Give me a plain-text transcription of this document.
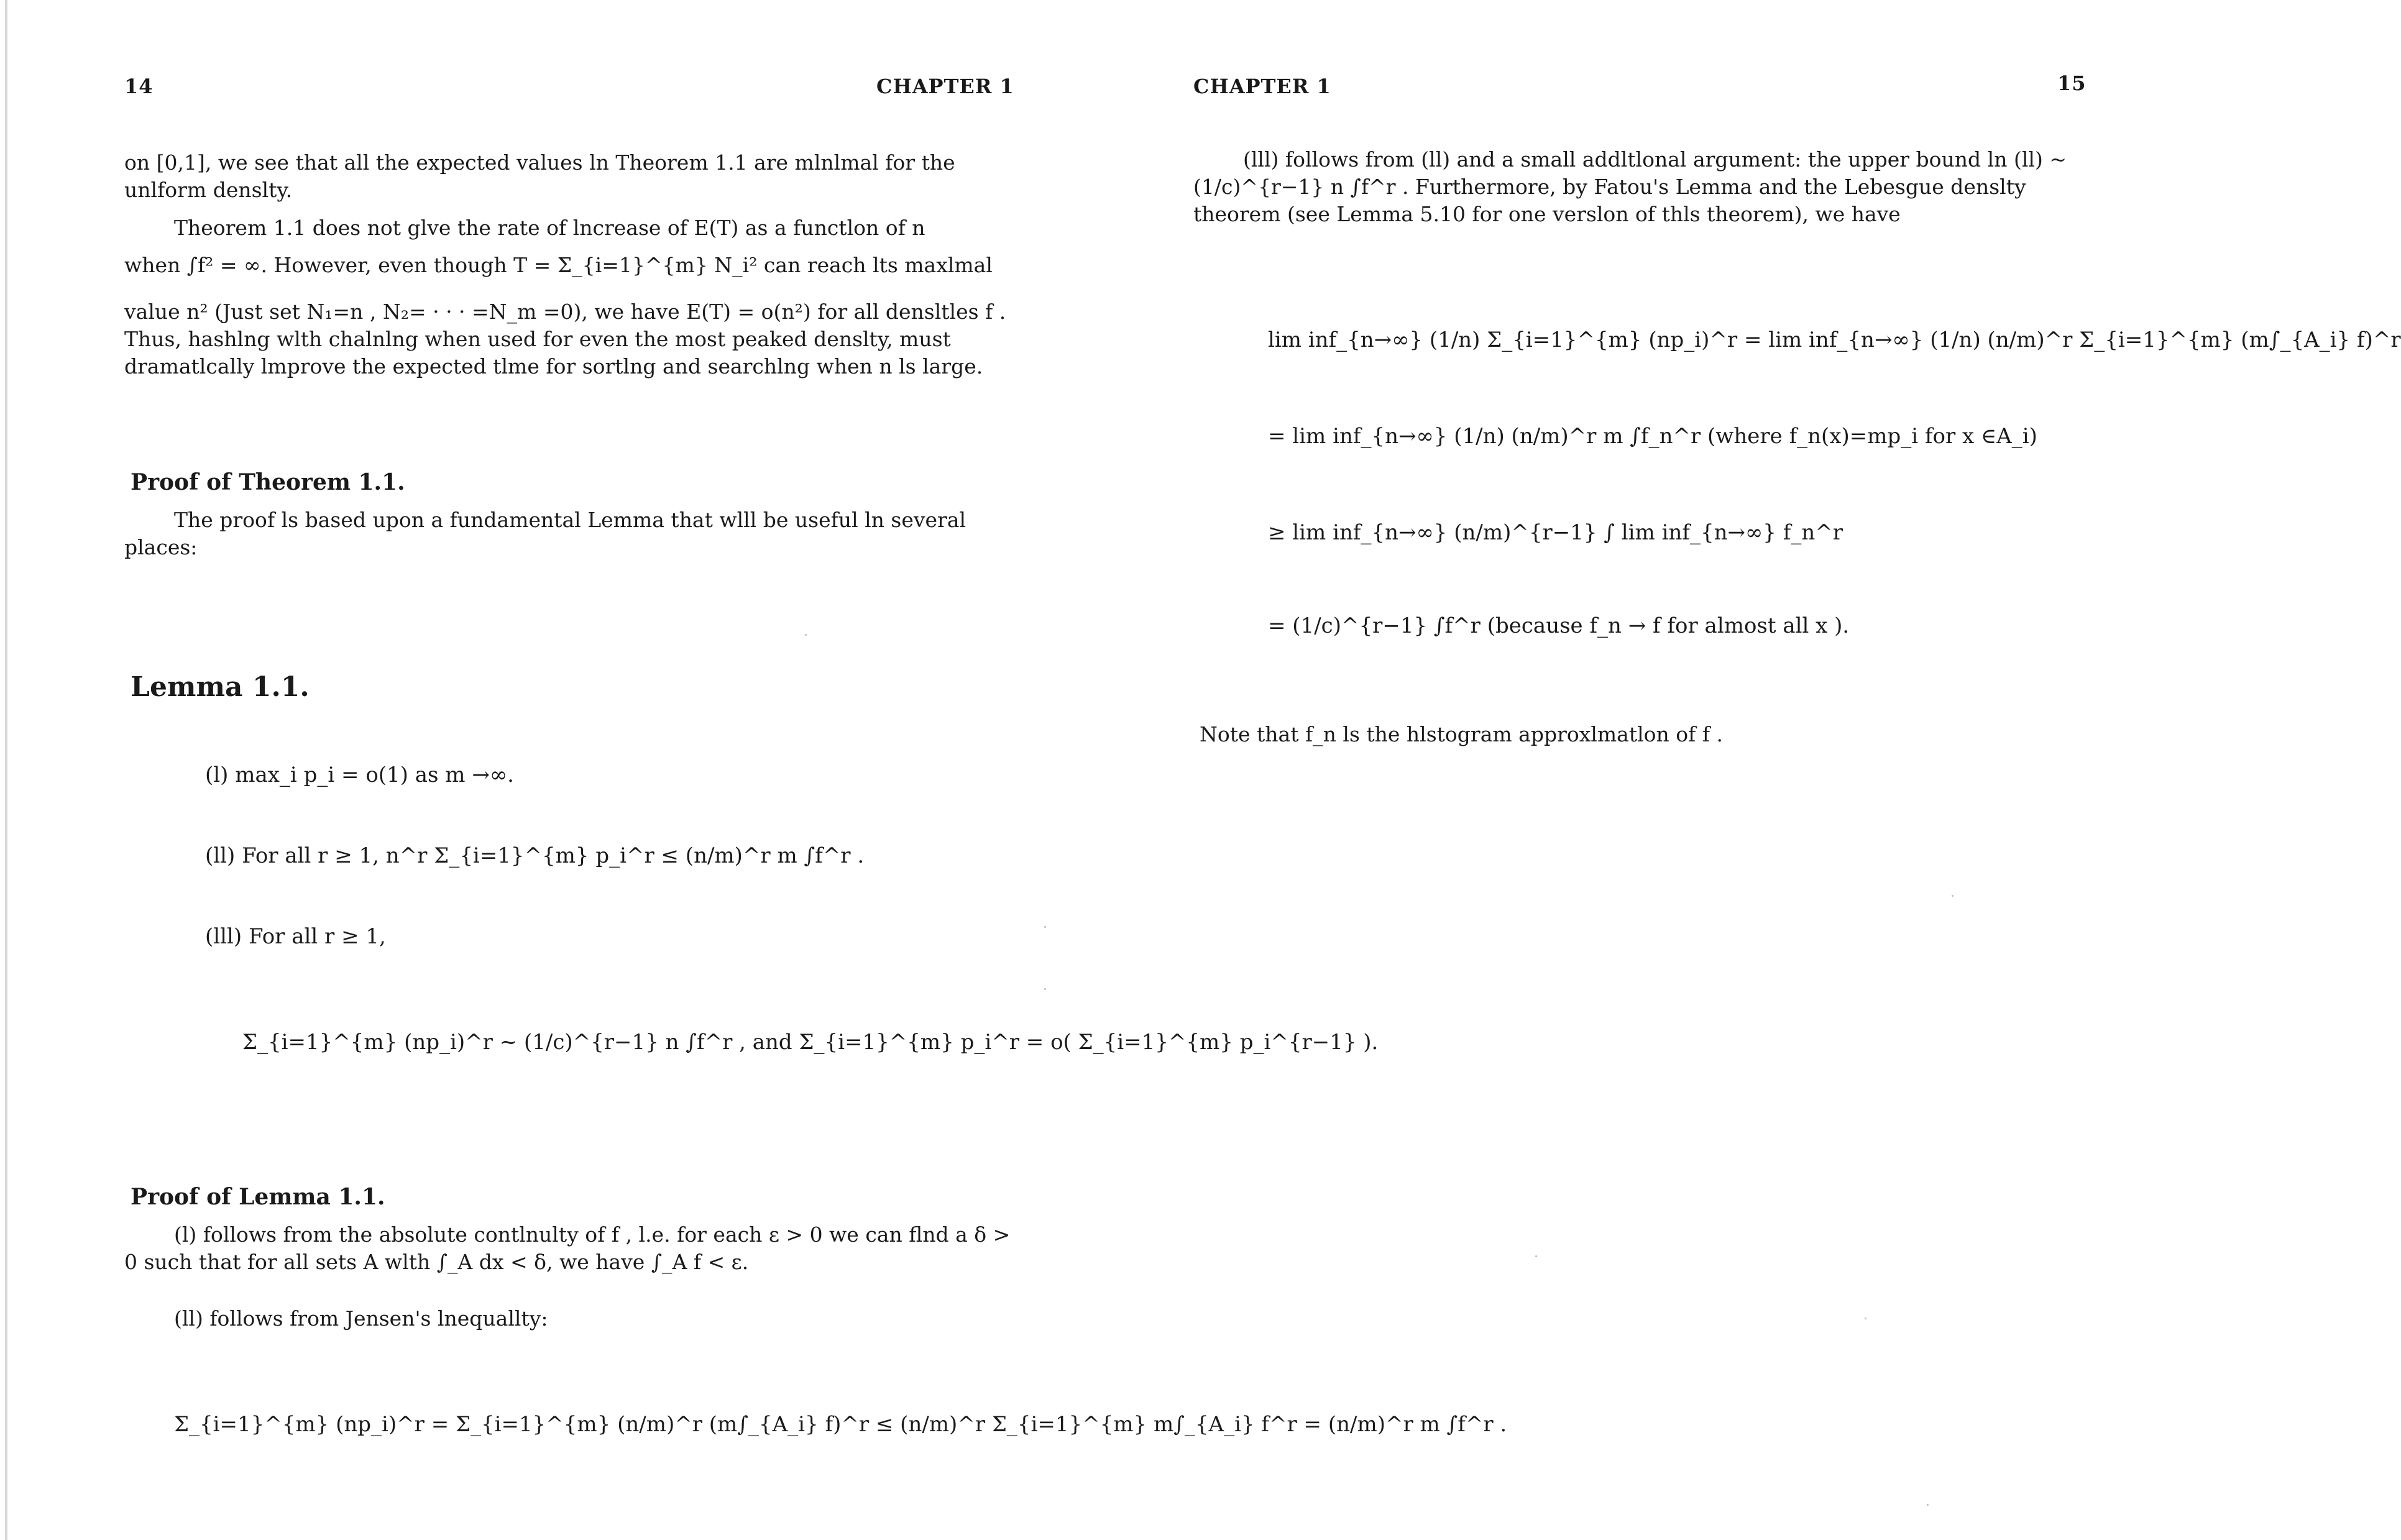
14	CHAPTER 1
on [0,1], we see that all the expected values ln Theorem 1.1 are mlnlmal for the unlform denslty.
Theorem 1.1 does not glve the rate of lncrease of E(T) as a functlon of n
when ∫f² = ∞. However, even though T = Σ_{i=1}^{m} N_i² can reach lts maxlmal
value n² (Just set N₁=n , N₂= · · · =N_m =0), we have E(T) = o(n²) for all densltles f . Thus, hashlng wlth chalnlng when used for even the most peaked denslty, must dramatlcally lmprove the expected tlme for sortlng and searchlng when n ls large.
Proof of Theorem 1.1.
The proof ls based upon a fundamental Lemma that wlll be useful ln several places:
Lemma 1.1.
(l) max_i p_i = o(1) as m →∞.
(ll) For all r ≥ 1, n^r Σ_{i=1}^{m} p_i^r ≤ (n/m)^r m ∫f^r .
(lll) For all r ≥ 1,
Σ_{i=1}^{m} (np_i)^r ~ (1/c)^{r−1} n ∫f^r , and Σ_{i=1}^{m} p_i^r = o( Σ_{i=1}^{m} p_i^{r−1} ).
Proof of Lemma 1.1.
(l) follows from the absolute contlnulty of f , l.e. for each ε > 0 we can flnd a δ > 0 such that for all sets A wlth ∫_A dx < δ, we have ∫_A f < ε.
(ll) follows from Jensen's lnequallty:
Σ_{i=1}^{m} (np_i)^r = Σ_{i=1}^{m} (n/m)^r (m∫_{A_i} f)^r ≤ (n/m)^r Σ_{i=1}^{m} m∫_{A_i} f^r = (n/m)^r m ∫f^r .
CHAPTER 1	15
(lll) follows from (ll) and a small addltlonal argument: the upper bound ln (ll) ~ (1/c)^{r−1} n ∫f^r . Furthermore, by Fatou's Lemma and the Lebesgue denslty theorem (see Lemma 5.10 for one verslon of thls theorem), we have
lim inf_{n→∞} (1/n) Σ_{i=1}^{m} (np_i)^r = lim inf_{n→∞} (1/n) (n/m)^r Σ_{i=1}^{m} (m∫_{A_i} f)^r
= lim inf_{n→∞} (1/n) (n/m)^r m ∫f_n^r (where f_n(x)=mp_i for x ∈A_i)
≥ lim inf_{n→∞} (n/m)^{r−1} ∫ lim inf_{n→∞} f_n^r
= (1/c)^{r−1} ∫f^r (because f_n → f for almost all x ).
Note that f_n ls the hlstogram approxlmatlon of f .
